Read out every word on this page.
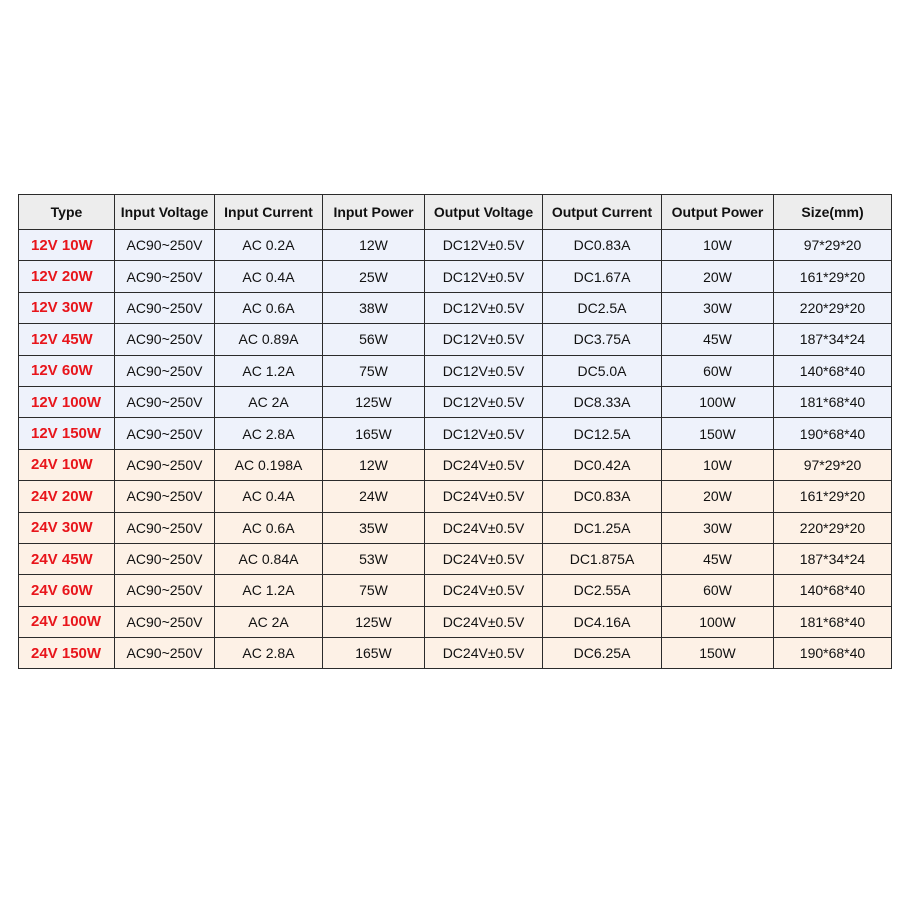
Type	Input Voltage	Input Current	Input Power	Output Voltage	Output Current	Output Power	Size(mm)
12V 10W	AC90~250V	AC 0.2A	12W	DC12V±0.5V	DC0.83A	10W	97*29*20
12V 20W	AC90~250V	AC 0.4A	25W	DC12V±0.5V	DC1.67A	20W	161*29*20
12V 30W	AC90~250V	AC 0.6A	38W	DC12V±0.5V	DC2.5A	30W	220*29*20
12V 45W	AC90~250V	AC 0.89A	56W	DC12V±0.5V	DC3.75A	45W	187*34*24
12V 60W	AC90~250V	AC 1.2A	75W	DC12V±0.5V	DC5.0A	60W	140*68*40
12V 100W	AC90~250V	AC 2A	125W	DC12V±0.5V	DC8.33A	100W	181*68*40
12V 150W	AC90~250V	AC 2.8A	165W	DC12V±0.5V	DC12.5A	150W	190*68*40
24V 10W	AC90~250V	AC 0.198A	12W	DC24V±0.5V	DC0.42A	10W	97*29*20
24V 20W	AC90~250V	AC 0.4A	24W	DC24V±0.5V	DC0.83A	20W	161*29*20
24V 30W	AC90~250V	AC 0.6A	35W	DC24V±0.5V	DC1.25A	30W	220*29*20
24V 45W	AC90~250V	AC 0.84A	53W	DC24V±0.5V	DC1.875A	45W	187*34*24
24V 60W	AC90~250V	AC 1.2A	75W	DC24V±0.5V	DC2.55A	60W	140*68*40
24V 100W	AC90~250V	AC 2A	125W	DC24V±0.5V	DC4.16A	100W	181*68*40
24V 150W	AC90~250V	AC 2.8A	165W	DC24V±0.5V	DC6.25A	150W	190*68*40
